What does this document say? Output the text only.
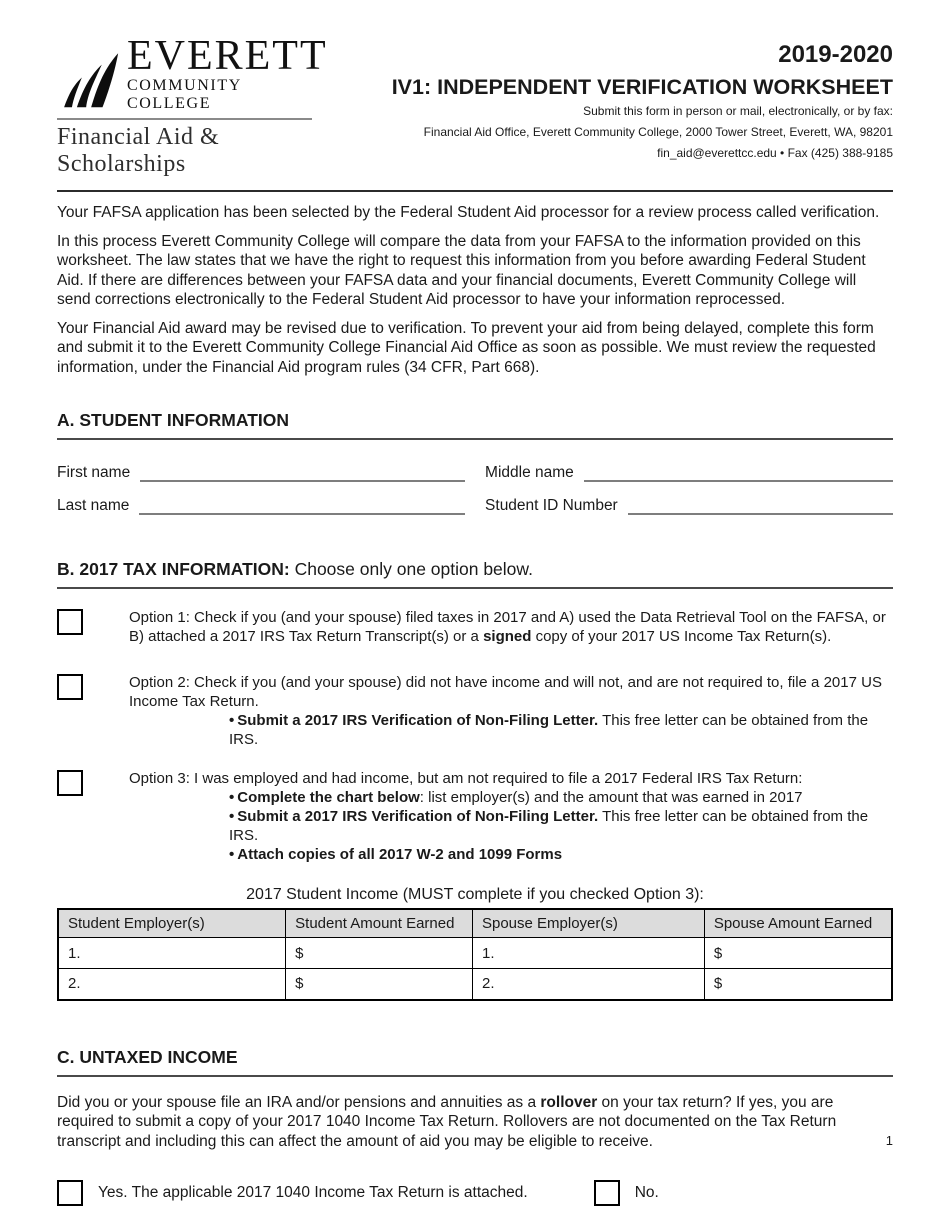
EVERETT
COMMUNITY COLLEGE
Financial Aid & Scholarships
2019-2020
IV1: INDEPENDENT VERIFICATION WORKSHEET
Submit this form in person or mail, electronically, or by fax:
Financial Aid Office, Everett Community College, 2000 Tower Street, Everett, WA, 98201
fin_aid@everettcc.edu • Fax (425) 388-9185

Your FAFSA application has been selected by the Federal Student Aid processor for a review process called verification.

In this process Everett Community College will compare the data from your FAFSA to the information provided on this worksheet. The law states that we have the right to request this information from you before awarding Federal Student Aid. If there are differences between your FAFSA data and your financial documents, Everett Community College will send corrections electronically to the Federal Student Aid processor to have your information reprocessed.

Your Financial Aid award may be revised due to verification. To prevent your aid from being delayed, complete this form and submit it to the Everett Community College Financial Aid Office as soon as possible. We must review the requested information, under the Financial Aid program rules (34 CFR, Part 668).

A. STUDENT INFORMATION
First name	Middle name
Last name	Student ID Number
B. 2017 TAX INFORMATION: Choose only one option below.
Option 1: Check if you (and your spouse) filed taxes in 2017 and A) used the Data Retrieval Tool on the FAFSA, or B) attached a 2017 IRS Tax Return Transcript(s) or a signed copy of your 2017 US Income Tax Return(s).
Option 2: Check if you (and your spouse) did not have income and will not, and are not required to, file a 2017 US Income Tax Return.
• Submit a 2017 IRS Verification of Non-Filing Letter. This free letter can be obtained from the IRS.
Option 3: I was employed and had income, but am not required to file a 2017 Federal IRS Tax Return:
• Complete the chart below: list employer(s) and the amount that was earned in 2017
• Submit a 2017 IRS Verification of Non-Filing Letter. This free letter can be obtained from the IRS.
• Attach copies of all 2017 W-2 and 1099 Forms
2017 Student Income (MUST complete if you checked Option 3):
Student Employer(s)	Student Amount Earned	Spouse Employer(s)	Spouse Amount Earned
1.	$	1.	$
2.	$	2.	$
C. UNTAXED INCOME

Did you or your spouse file an IRA and/or pensions and annuities as a rollover on your tax return? If yes, you are required to submit a copy of your 2017 1040 Income Tax Return. Rollovers are not documented on the Tax Return transcript and including this can affect the amount of aid you may be eligible to receive.

Yes. The applicable 2017 1040 Income Tax Return is attached.	No.
1
